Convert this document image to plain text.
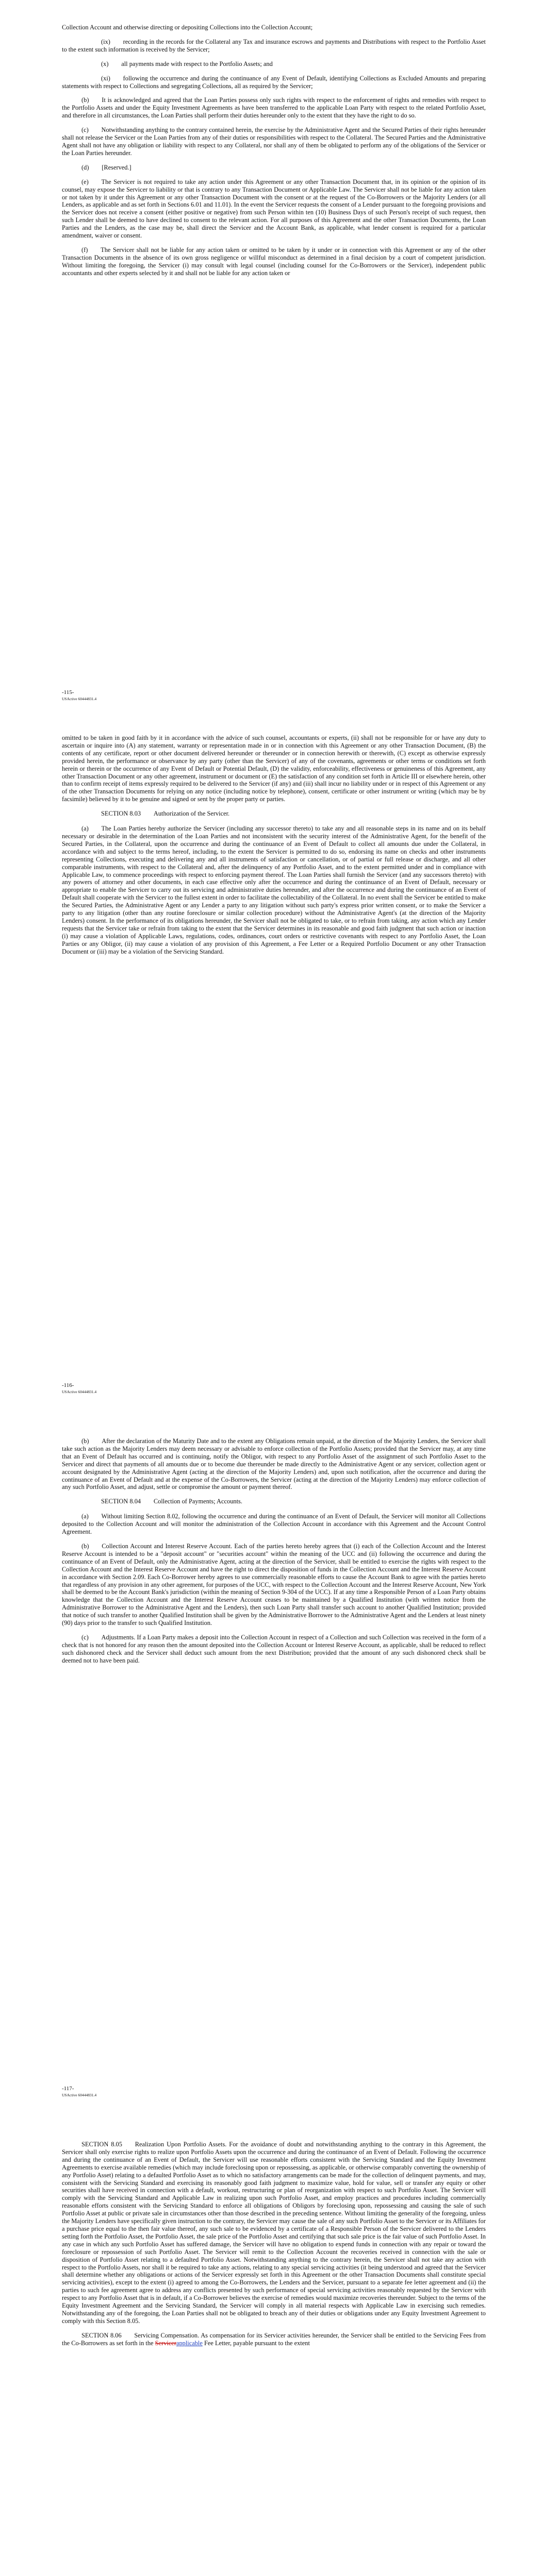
Collection Account and otherwise directing or depositing Collections into the Collection Account;

(ix)  recording in the records for the Collateral any Tax and insurance escrows and payments and Distributions with respect to the Portfolio Asset to the extent such information is received by the Servicer;

(x)  all payments made with respect to the Portfolio Assets; and

(xi)  following the occurrence and during the continuance of any Event of Default, identifying Collections as Excluded Amounts and preparing statements with respect to Collections and segregating Collections, all as required by the Servicer;

(b)  It is acknowledged and agreed that the Loan Parties possess only such rights with respect to the enforcement of rights and remedies with respect to the Portfolio Assets and under the Equity Investment Agreements as have been transferred to the applicable Loan Party with respect to the related Portfolio Asset, and therefore in all circumstances, the Loan Parties shall perform their duties hereunder only to the extent that they have the right to do so.

(c)  Notwithstanding anything to the contrary contained herein, the exercise by the Administrative Agent and the Secured Parties of their rights hereunder shall not release the Servicer or the Loan Parties from any of their duties or responsibilities with respect to the Collateral. The Secured Parties and the Administrative Agent shall not have any obligation or liability with respect to any Collateral, nor shall any of them be obligated to perform any of the obligations of the Servicer or the Loan Parties hereunder.

(d)  [Reserved.]

(e)  The Servicer is not required to take any action under this Agreement or any other Transaction Document that, in its opinion or the opinion of its counsel, may expose the Servicer to liability or that is contrary to any Transaction Document or Applicable Law. The Servicer shall not be liable for any action taken or not taken by it under this Agreement or any other Transaction Document with the consent or at the request of the Co-Borrowers or the Majority Lenders (or all Lenders, as applicable and as set forth in Sections 6.01 and 11.01). In the event the Servicer requests the consent of a Lender pursuant to the foregoing provisions and the Servicer does not receive a consent (either positive or negative) from such Person within ten (10) Business Days of such Person's receipt of such request, then such Lender shall be deemed to have declined to consent to the relevant action. For all purposes of this Agreement and the other Transaction Documents, the Loan Parties and the Lenders, as the case may be, shall direct the Servicer and the Account Bank, as applicable, what lender consent is required for a particular amendment, waiver or consent.

(f)  The Servicer shall not be liable for any action taken or omitted to be taken by it under or in connection with this Agreement or any of the other Transaction Documents in the absence of its own gross negligence or willful misconduct as determined in a final decision by a court of competent jurisdiction. Without limiting the foregoing, the Servicer (i) may consult with legal counsel (including counsel for the Co-Borrowers or the Servicer), independent public accountants and other experts selected by it and shall not be liable for any action taken or

-115-
USActive 60444831.4

omitted to be taken in good faith by it in accordance with the advice of such counsel, accountants or experts, (ii) shall not be responsible for or have any duty to ascertain or inquire into (A) any statement, warranty or representation made in or in connection with this Agreement or any other Transaction Document, (B) the contents of any certificate, report or other document delivered hereunder or thereunder or in connection herewith or therewith, (C) except as otherwise expressly provided herein, the performance or observance by any party (other than the Servicer) of any of the covenants, agreements or other terms or conditions set forth herein or therein or the occurrence of any Event of Default or Potential Default, (D) the validity, enforceability, effectiveness or genuineness of this Agreement, any other Transaction Document or any other agreement, instrument or document or (E) the satisfaction of any condition set forth in Article III or elsewhere herein, other than to confirm receipt of items expressly required to be delivered to the Servicer (if any) and (iii) shall incur no liability under or in respect of this Agreement or any of the other Transaction Documents for relying on any notice (including notice by telephone), consent, certificate or other instrument or writing (which may be by facsimile) believed by it to be genuine and signed or sent by the proper party or parties.

SECTION 8.03  Authorization of the Servicer.

(a)  The Loan Parties hereby authorize the Servicer (including any successor thereto) to take any and all reasonable steps in its name and on its behalf necessary or desirable in the determination of the Loan Parties and not inconsistent with the security interest of the Administrative Agent, for the benefit of the Secured Parties, in the Collateral, upon the occurrence and during the continuance of an Event of Default to collect all amounts due under the Collateral, in accordance with and subject to the terms hereof, including, to the extent the Servicer is permitted to do so, endorsing its name on checks and other instruments representing Collections, executing and delivering any and all instruments of satisfaction or cancellation, or of partial or full release or discharge, and all other comparable instruments, with respect to the Collateral and, after the delinquency of any Portfolio Asset, and to the extent permitted under and in compliance with Applicable Law, to commence proceedings with respect to enforcing payment thereof. The Loan Parties shall furnish the Servicer (and any successors thereto) with any powers of attorney and other documents, in each case effective only after the occurrence and during the continuance of an Event of Default, necessary or appropriate to enable the Servicer to carry out its servicing and administrative duties hereunder, and after the occurrence and during the continuance of an Event of Default shall cooperate with the Servicer to the fullest extent in order to facilitate the collectability of the Collateral. In no event shall the Servicer be entitled to make the Secured Parties, the Administrative Agent or any Lender a party to any litigation without such party's express prior written consent, or to make the Servicer a party to any litigation (other than any routine foreclosure or similar collection procedure) without the Administrative Agent's (at the direction of the Majority Lenders) consent. In the performance of its obligations hereunder, the Servicer shall not be obligated to take, or to refrain from taking, any action which any Lender requests that the Servicer take or refrain from taking to the extent that the Servicer determines in its reasonable and good faith judgment that such action or inaction (i) may cause a violation of Applicable Laws, regulations, codes, ordinances, court orders or restrictive covenants with respect to any Portfolio Asset, the Loan Parties or any Obligor, (ii) may cause a violation of any provision of this Agreement, a Fee Letter or a Required Portfolio Document or any other Transaction Document or (iii) may be a violation of the Servicing Standard.

-116-
USActive 60444831.4

(b)  After the declaration of the Maturity Date and to the extent any Obligations remain unpaid, at the direction of the Majority Lenders, the Servicer shall take such action as the Majority Lenders may deem necessary or advisable to enforce collection of the Portfolio Assets; provided that the Servicer may, at any time that an Event of Default has occurred and is continuing, notify the Obligor, with respect to any Portfolio Asset of the assignment of such Portfolio Asset to the Servicer and direct that payments of all amounts due or to become due thereunder be made directly to the Administrative Agent or any servicer, collection agent or account designated by the Administrative Agent (acting at the direction of the Majority Lenders) and, upon such notification, after the occurrence and during the continuance of an Event of Default and at the expense of the Co-Borrowers, the Servicer (acting at the direction of the Majority Lenders) may enforce collection of any such Portfolio Asset, and adjust, settle or compromise the amount or payment thereof.

SECTION 8.04  Collection of Payments; Accounts.

(a)  Without limiting Section 8.02, following the occurrence and during the continuance of an Event of Default, the Servicer will monitor all Collections deposited to the Collection Account and will monitor the administration of the Collection Account in accordance with this Agreement and the Account Control Agreement.

(b)  Collection Account and Interest Reserve Account. Each of the parties hereto hereby agrees that (i) each of the Collection Account and the Interest Reserve Account is intended to be a "deposit account" or "securities account" within the meaning of the UCC and (ii) following the occurrence and during the continuance of an Event of Default, only the Administrative Agent, acting at the direction of the Servicer, shall be entitled to exercise the rights with respect to the Collection Account and the Interest Reserve Account and have the right to direct the disposition of funds in the Collection Account and the Interest Reserve Account in accordance with Section 2.09. Each Co-Borrower hereby agrees to use commercially reasonable efforts to cause the Account Bank to agree with the parties hereto that regardless of any provision in any other agreement, for purposes of the UCC, with respect to the Collection Account and the Interest Reserve Account, New York shall be deemed to be the Account Bank's jurisdiction (within the meaning of Section 9-304 of the UCC). If at any time a Responsible Person of a Loan Party obtains knowledge that the Collection Account and the Interest Reserve Account ceases to be maintained by a Qualified Institution (with written notice from the Administrative Borrower to the Administrative Agent and the Lenders), then such Loan Party shall transfer such account to another Qualified Institution; provided that notice of such transfer to another Qualified Institution shall be given by the Administrative Borrower to the Administrative Agent and the Lenders at least ninety (90) days prior to the transfer to such Qualified Institution.

(c)  Adjustments. If a Loan Party makes a deposit into the Collection Account in respect of a Collection and such Collection was received in the form of a check that is not honored for any reason then the amount deposited into the Collection Account or Interest Reserve Account, as applicable, shall be reduced to reflect such dishonored check and the Servicer shall deduct such amount from the next Distribution; provided that the amount of any such dishonored check shall be deemed not to have been paid.

-117-
USActive 60444831.4

SECTION 8.05  Realization Upon Portfolio Assets. For the avoidance of doubt and notwithstanding anything to the contrary in this Agreement, the Servicer shall only exercise rights to realize upon Portfolio Assets upon the occurrence and during the continuance of an Event of Default. Following the occurrence and during the continuance of an Event of Default, the Servicer will use reasonable efforts consistent with the Servicing Standard and the Equity Investment Agreements to exercise available remedies (which may include foreclosing upon or repossessing, as applicable, or otherwise comparably converting the ownership of any Portfolio Asset) relating to a defaulted Portfolio Asset as to which no satisfactory arrangements can be made for the collection of delinquent payments, and may, consistent with the Servicing Standard and exercising its reasonably good faith judgment to maximize value, hold for value, sell or transfer any equity or other securities shall have received in connection with a default, workout, restructuring or plan of reorganization with respect to such Portfolio Asset. The Servicer will comply with the Servicing Standard and Applicable Law in realizing upon such Portfolio Asset, and employ practices and procedures including commercially reasonable efforts consistent with the Servicing Standard to enforce all obligations of Obligors by foreclosing upon, repossessing and causing the sale of such Portfolio Asset at public or private sale in circumstances other than those described in the preceding sentence. Without limiting the generality of the foregoing, unless the Majority Lenders have specifically given instruction to the contrary, the Servicer may cause the sale of any such Portfolio Asset to the Servicer or its Affiliates for a purchase price equal to the then fair value thereof, any such sale to be evidenced by a certificate of a Responsible Person of the Servicer delivered to the Lenders setting forth the Portfolio Asset, the Portfolio Asset, the sale price of the Portfolio Asset and certifying that such sale price is the fair value of such Portfolio Asset. In any case in which any such Portfolio Asset has suffered damage, the Servicer will have no obligation to expend funds in connection with any repair or toward the foreclosure or repossession of such Portfolio Asset. The Servicer will remit to the Collection Account the recoveries received in connection with the sale or disposition of Portfolio Asset relating to a defaulted Portfolio Asset. Notwithstanding anything to the contrary herein, the Servicer shall not take any action with respect to the Portfolio Assets, nor shall it be required to take any actions, relating to any special servicing activities (it being understood and agreed that the Servicer shall determine whether any obligations or actions of the Servicer expressly set forth in this Agreement or the other Transaction Documents shall constitute special servicing activities), except to the extent (i) agreed to among the Co-Borrowers, the Lenders and the Servicer, pursuant to a separate fee letter agreement and (ii) the parties to such fee agreement agree to address any conflicts presented by such performance of special servicing activities reasonably requested by the Servicer with respect to any Portfolio Asset that is in default, if a Co-Borrower believes the exercise of remedies would maximize recoveries thereunder. Subject to the terms of the Equity Investment Agreement and the Servicing Standard, the Servicer will comply in all material respects with Applicable Law in exercising such remedies. Notwithstanding any of the foregoing, the Loan Parties shall not be obligated to breach any of their duties or obligations under any Equity Investment Agreement to comply with this Section 8.05.

SECTION 8.06  Servicing Compensation. As compensation for its Servicer activities hereunder, the Servicer shall be entitled to the Servicing Fees from the Co-Borrowers as set forth in the Servicerapplicable Fee Letter, payable pursuant to the extent
